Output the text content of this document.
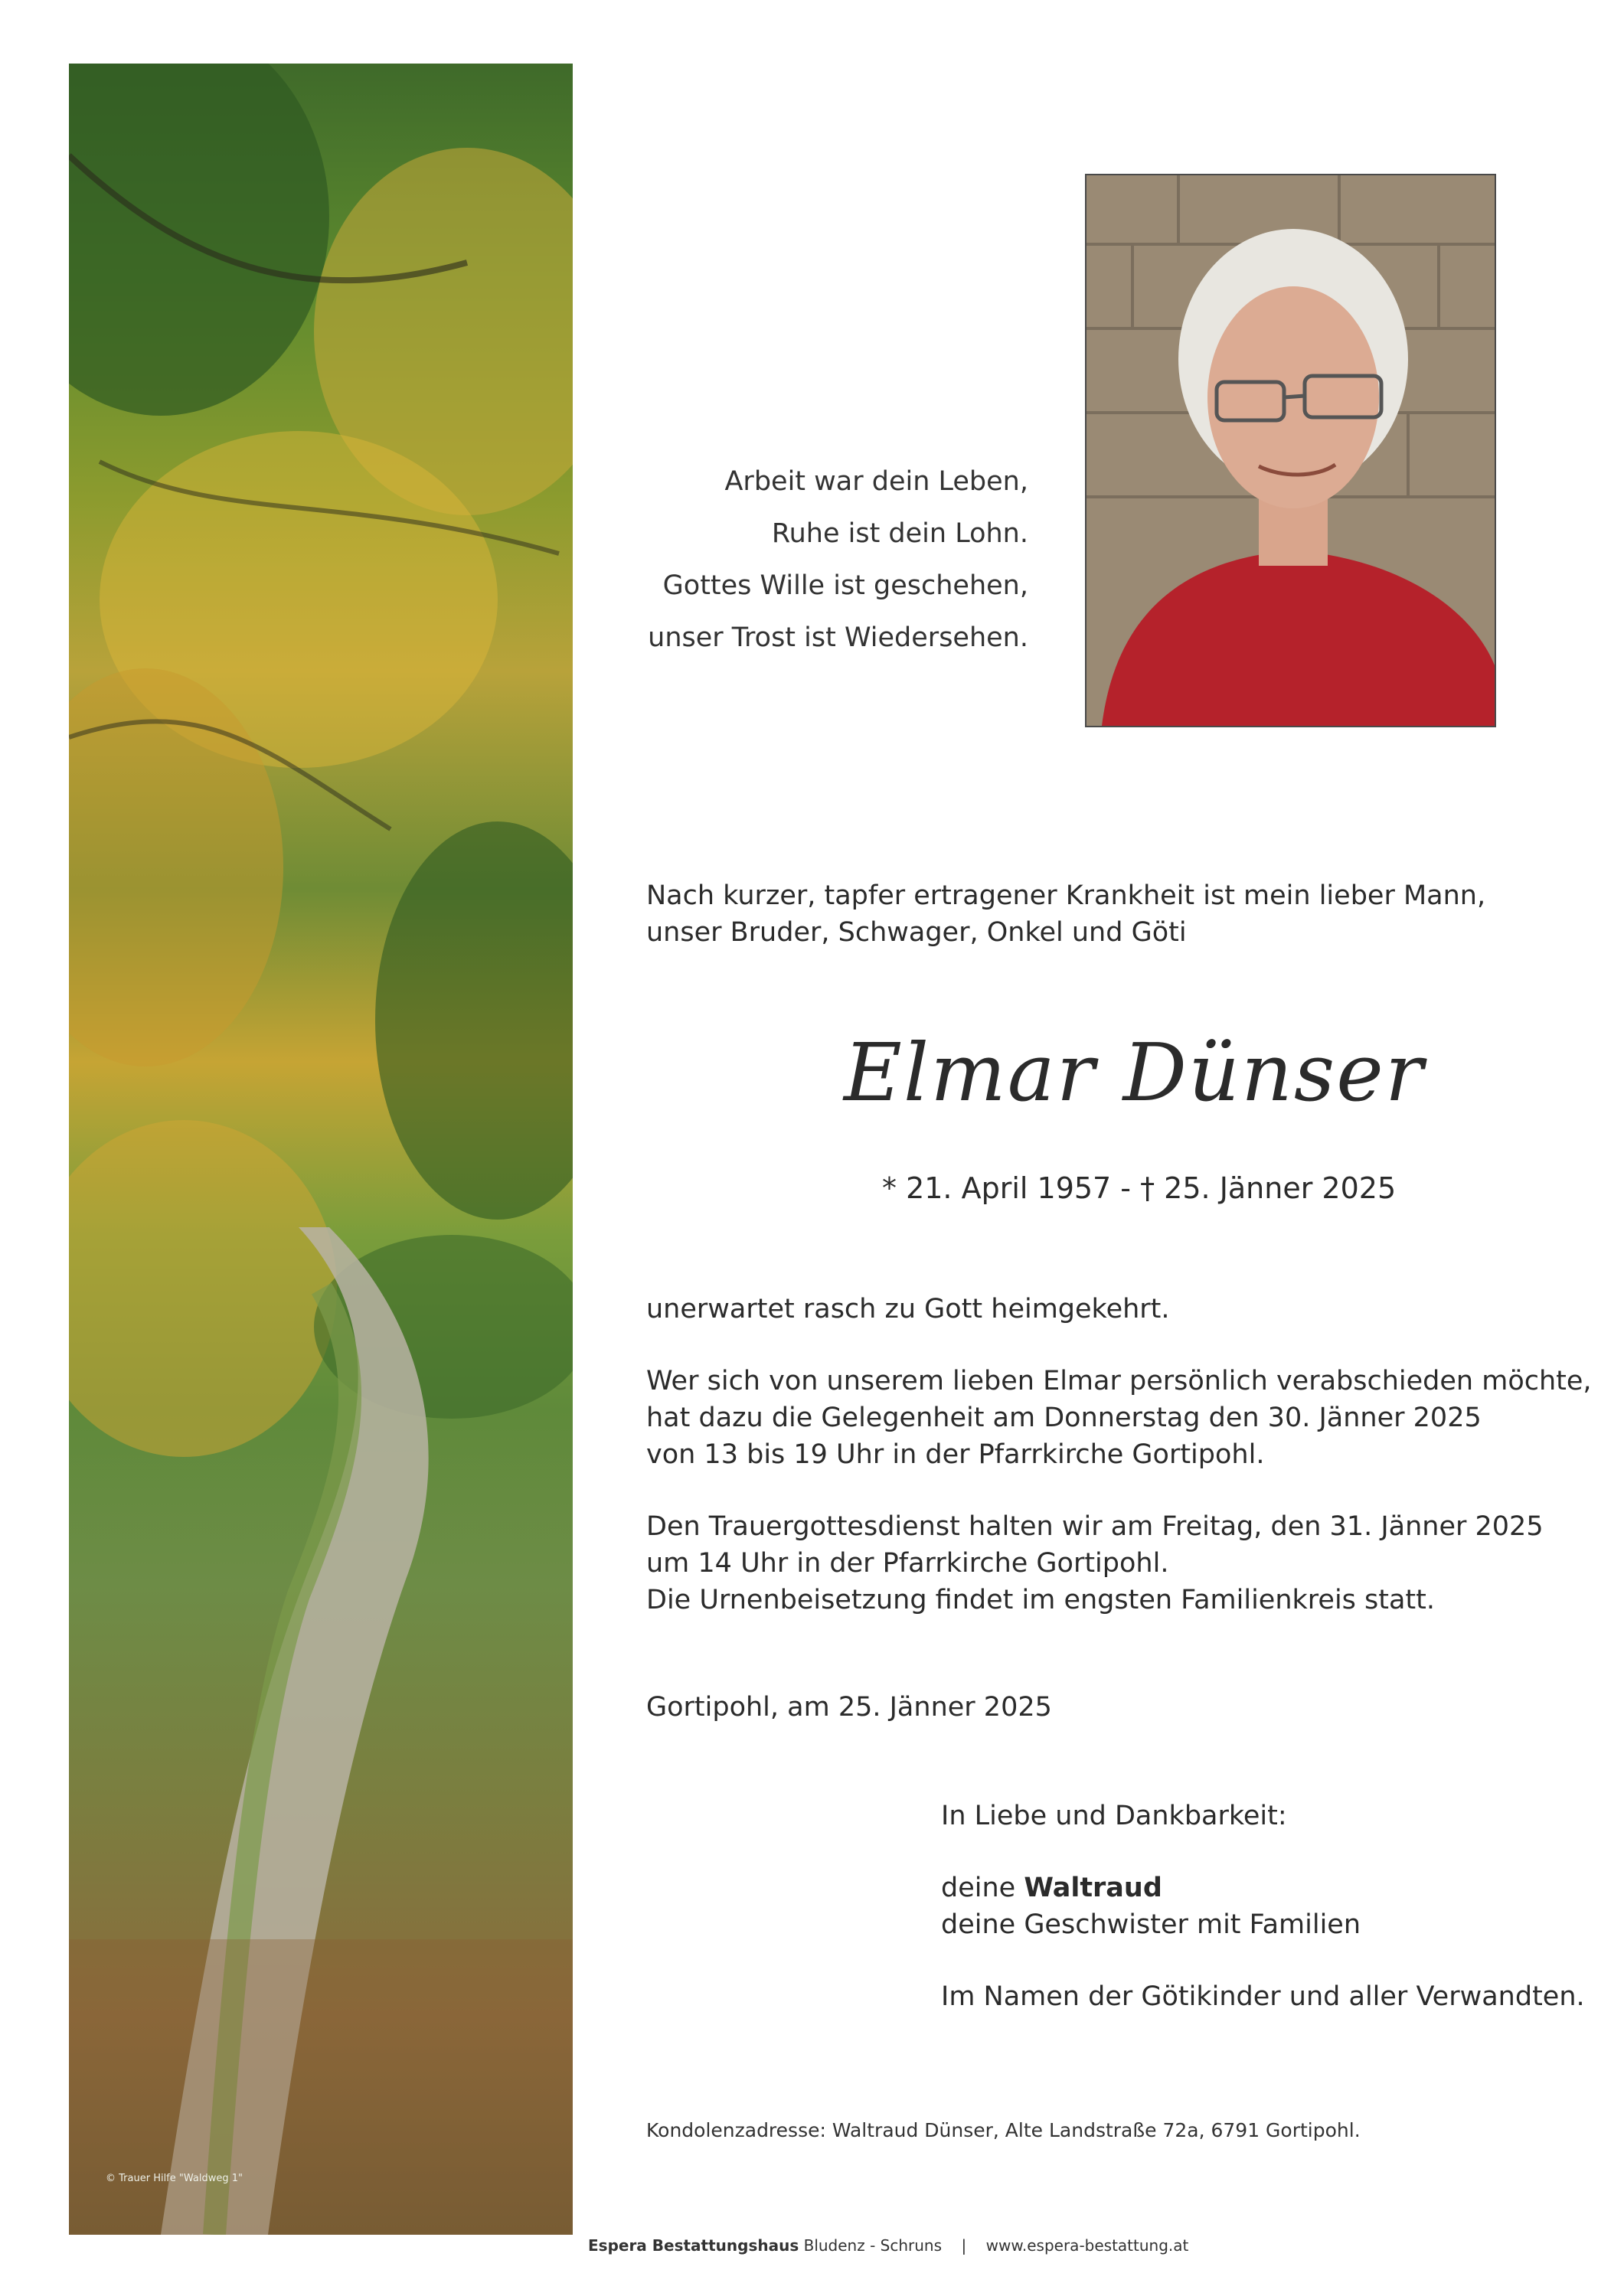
© Trauer Hilfe "Waldweg 1"
Arbeit war dein Leben,
Ruhe ist dein Lohn.
Gottes Wille ist geschehen,
unser Trost ist Wiedersehen.
Nach kurzer, tapfer ertragener Krankheit ist mein lieber Mann,
unser Bruder, Schwager, Onkel und Göti
Elmar Dünser
* 21. April 1957 - † 25. Jänner 2025
unerwartet rasch zu Gott heimgekehrt.
Wer sich von unserem lieben Elmar persönlich verabschieden möchte,
hat dazu die Gelegenheit am Donnerstag den 30. Jänner 2025
von 13 bis 19 Uhr in der Pfarrkirche Gortipohl.
Den Trauergottesdienst halten wir am Freitag, den 31. Jänner 2025
um 14 Uhr in der Pfarrkirche Gortipohl.
Die Urnenbeisetzung findet im engsten Familienkreis statt.
Gortipohl, am 25. Jänner 2025
In Liebe und Dankbarkeit:
deine Waltraud
deine Geschwister mit Familien
Im Namen der Götikinder und aller Verwandten.
Kondolenzadresse: Waltraud Dünser, Alte Landstraße 72a, 6791 Gortipohl.
Espera Bestattungshaus Bludenz - Schruns | www.espera-bestattung.at
